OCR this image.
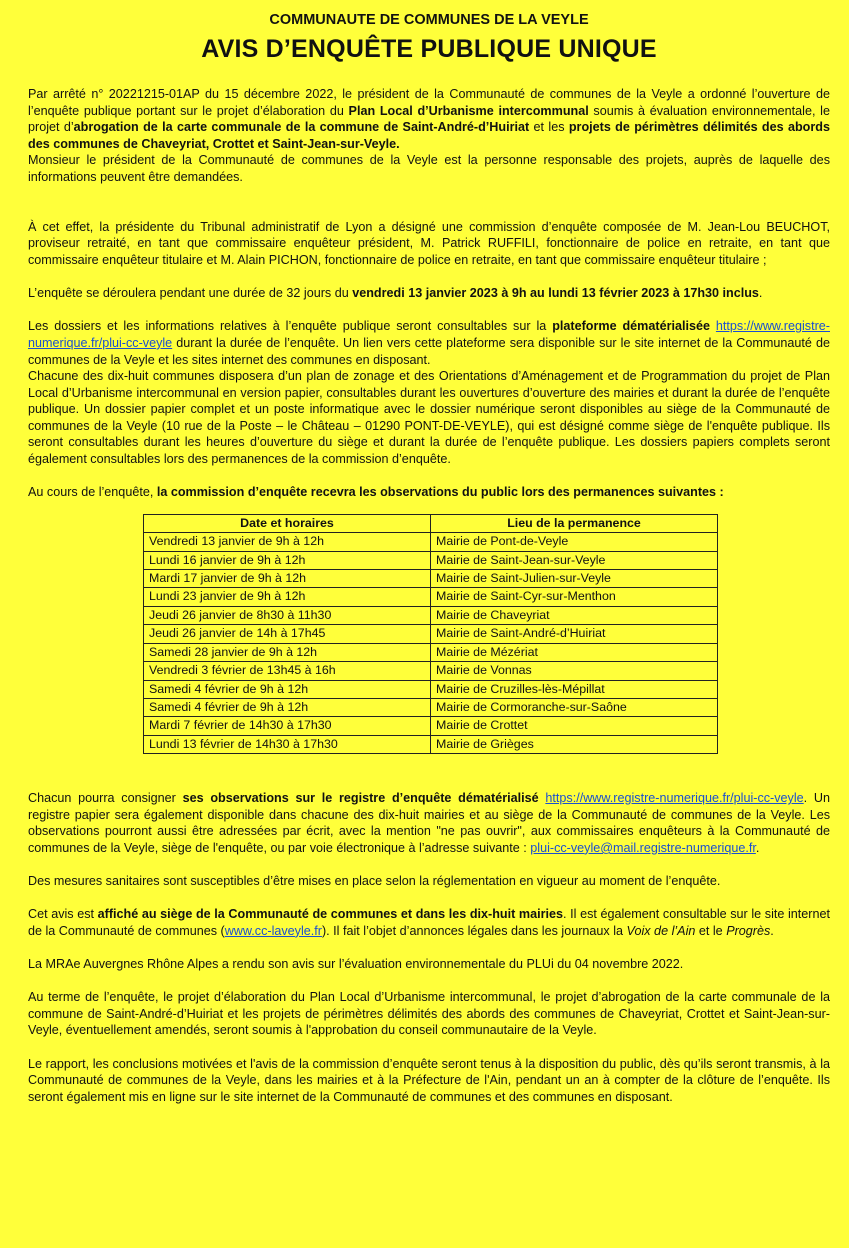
COMMUNAUTE DE COMMUNES DE LA VEYLE
AVIS D’ENQUÊTE PUBLIQUE UNIQUE

Par arrêté n° 20221215-01AP du 15 décembre 2022, le président de la Communauté de communes de la Veyle a ordonné l’ouverture de l’enquête publique portant sur le projet d’élaboration du Plan Local d’Urbanisme intercommunal soumis à évaluation environnementale, le projet d’abrogation de la carte communale de la commune de Saint-André-d’Huiriat et les projets de périmètres délimités des abords des communes de Chaveyriat, Crottet et Saint-Jean-sur-Veyle.

Monsieur le président de la Communauté de communes de la Veyle est la personne responsable des projets, auprès de laquelle des informations peuvent être demandées.

À cet effet, la présidente du Tribunal administratif de Lyon a désigné une commission d’enquête composée de M. Jean-Lou BEUCHOT, proviseur retraité, en tant que commissaire enquêteur président, M. Patrick RUFFILI, fonctionnaire de police en retraite, en tant que commissaire enquêteur titulaire et M. Alain PICHON, fonctionnaire de police en retraite, en tant que commissaire enquêteur titulaire ;

L’enquête se déroulera pendant une durée de 32 jours du vendredi 13 janvier 2023 à 9h au lundi 13 février 2023 à 17h30 inclus.

Les dossiers et les informations relatives à l’enquête publique seront consultables sur la plateforme dématérialisée https://www.registre-numerique.fr/plui-cc-veyle durant la durée de l’enquête. Un lien vers cette plateforme sera disponible sur le site internet de la Communauté de communes de la Veyle et les sites internet des communes en disposant.

Chacune des dix-huit communes disposera d’un plan de zonage et des Orientations d’Aménagement et de Programmation du projet de Plan Local d’Urbanisme intercommunal en version papier, consultables durant les ouvertures d’ouverture des mairies et durant la durée de l’enquête publique. Un dossier papier complet et un poste informatique avec le dossier numérique seront disponibles au siège de la Communauté de communes de la Veyle (10 rue de la Poste – le Château – 01290 PONT-DE-VEYLE), qui est désigné comme siège de l'enquête publique. Ils seront consultables durant les heures d’ouverture du siège et durant la durée de l’enquête publique. Les dossiers papiers complets seront également consultables lors des permanences de la commission d’enquête.

Au cours de l’enquête, la commission d’enquête recevra les observations du public lors des permanences suivantes :

Date et horaires	Lieu de la permanence
Vendredi 13 janvier de 9h à 12h	Mairie de Pont-de-Veyle
Lundi 16 janvier de 9h à 12h	Mairie de Saint-Jean-sur-Veyle
Mardi 17 janvier de 9h à 12h	Mairie de Saint-Julien-sur-Veyle
Lundi 23 janvier de 9h à 12h	Mairie de Saint-Cyr-sur-Menthon
Jeudi 26 janvier de 8h30 à 11h30	Mairie de Chaveyriat
Jeudi 26 janvier de 14h à 17h45	Mairie de Saint-André-d’Huiriat
Samedi 28 janvier de 9h à 12h	Mairie de Mézériat
Vendredi 3 février de 13h45 à 16h	Mairie de Vonnas
Samedi 4 février de 9h à 12h	Mairie de Cruzilles-lès-Mépillat
Samedi 4 février de 9h à 12h	Mairie de Cormoranche-sur-Saône
Mardi 7 février de 14h30 à 17h30	Mairie de Crottet
Lundi 13 février de 14h30 à 17h30	Mairie de Grièges

Chacun pourra consigner ses observations sur le registre d’enquête dématérialisé https://www.registre-numerique.fr/plui-cc-veyle. Un registre papier sera également disponible dans chacune des dix-huit mairies et au siège de la Communauté de communes de la Veyle. Les observations pourront aussi être adressées par écrit, avec la mention "ne pas ouvrir", aux commissaires enquêteurs à la Communauté de communes de la Veyle, siège de l'enquête, ou par voie électronique à l’adresse suivante : plui-cc-veyle@mail.registre-numerique.fr.

Des mesures sanitaires sont susceptibles d’être mises en place selon la réglementation en vigueur au moment de l’enquête.

Cet avis est affiché au siège de la Communauté de communes et dans les dix-huit mairies. Il est également consultable sur le site internet de la Communauté de communes (www.cc-laveyle.fr). Il fait l’objet d’annonces légales dans les journaux la Voix de l’Ain et le Progrès.

La MRAe Auvergnes Rhône Alpes a rendu son avis sur l’évaluation environnementale du PLUi du 04 novembre 2022.

Au terme de l’enquête, le projet d’élaboration du Plan Local d’Urbanisme intercommunal, le projet d’abrogation de la carte communale de la commune de Saint-André-d’Huiriat et les projets de périmètres délimités des abords des communes de Chaveyriat, Crottet et Saint-Jean-sur-Veyle, éventuellement amendés, seront soumis à l'approbation du conseil communautaire de la Veyle.

Le rapport, les conclusions motivées et l'avis de la commission d’enquête seront tenus à la disposition du public, dès qu’ils seront transmis, à la Communauté de communes de la Veyle, dans les mairies et à la Préfecture de l'Ain, pendant un an à compter de la clôture de l’enquête. Ils seront également mis en ligne sur le site internet de la Communauté de communes et des communes en disposant.
